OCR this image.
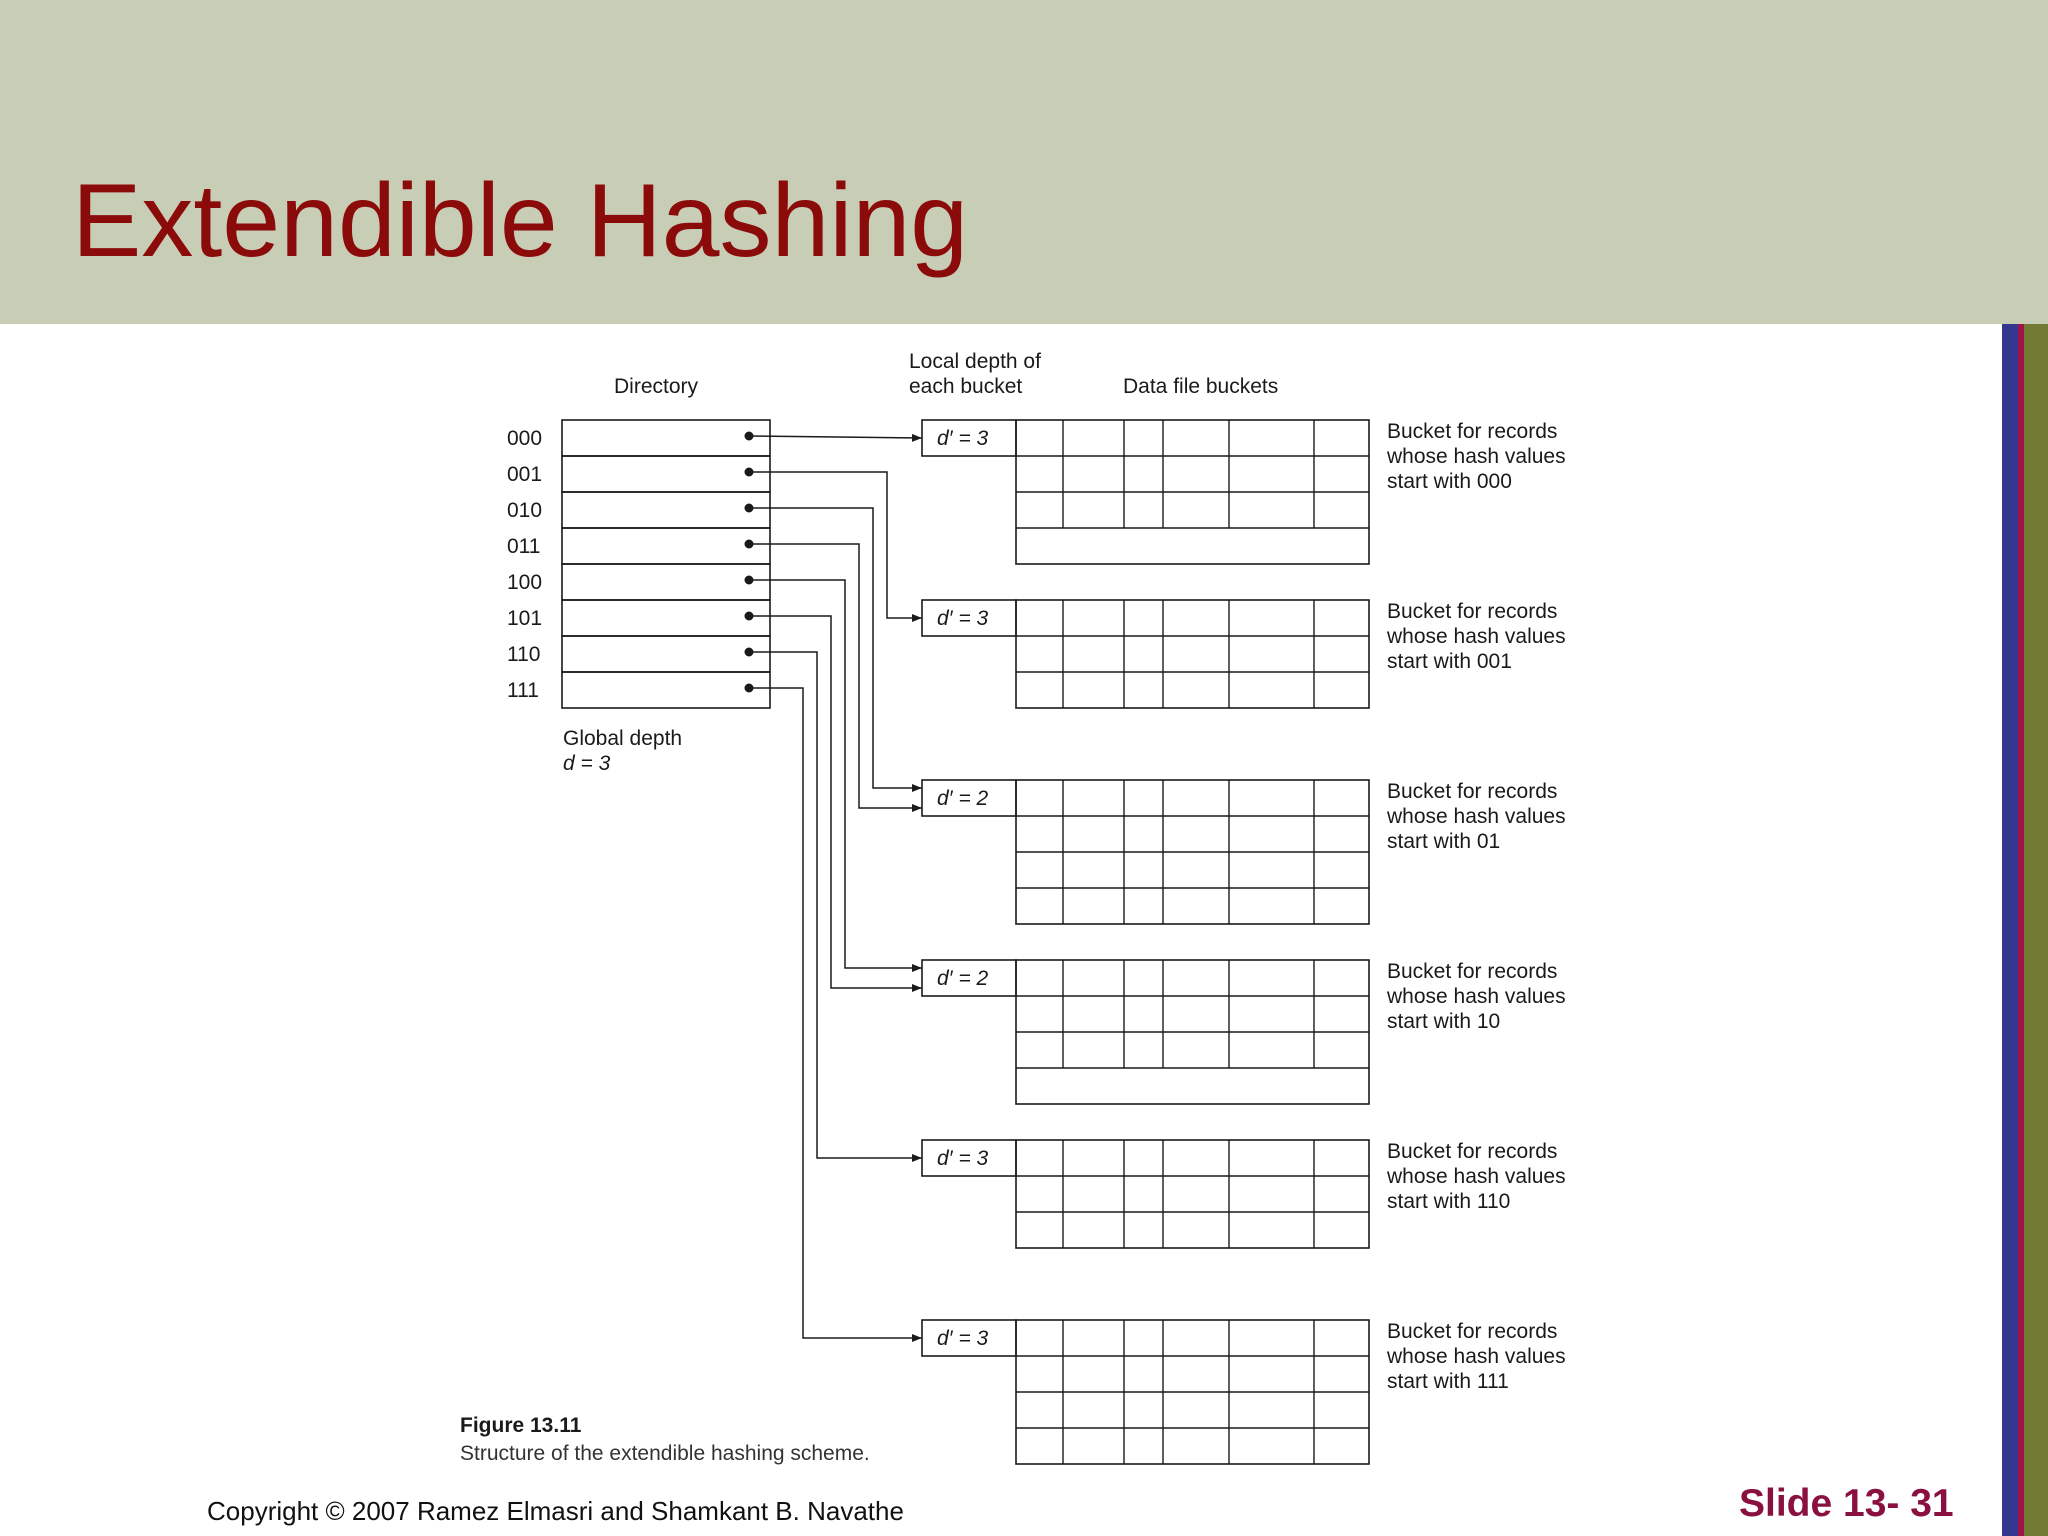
Extendible Hashing
Directory
Local depth of
each bucket	Data file buckets
Global depth
d = 3
Figure 13.11
Structure of the extendible hashing scheme.
000
001
010
011
100
101
110
111
d′ = 3	Bucket for records
whose hash values
start with 000
d′ = 3	Bucket for records
whose hash values
start with 001
d′ = 2	Bucket for records
whose hash values
start with 01
d′ = 2	Bucket for records
whose hash values
start with 10
d′ = 3	Bucket for records
whose hash values
start with 110
d′ = 3	Bucket for records
whose hash values
start with 111
Copyright © 2007 Ramez Elmasri and Shamkant B. Navathe	Slide 13- 31
